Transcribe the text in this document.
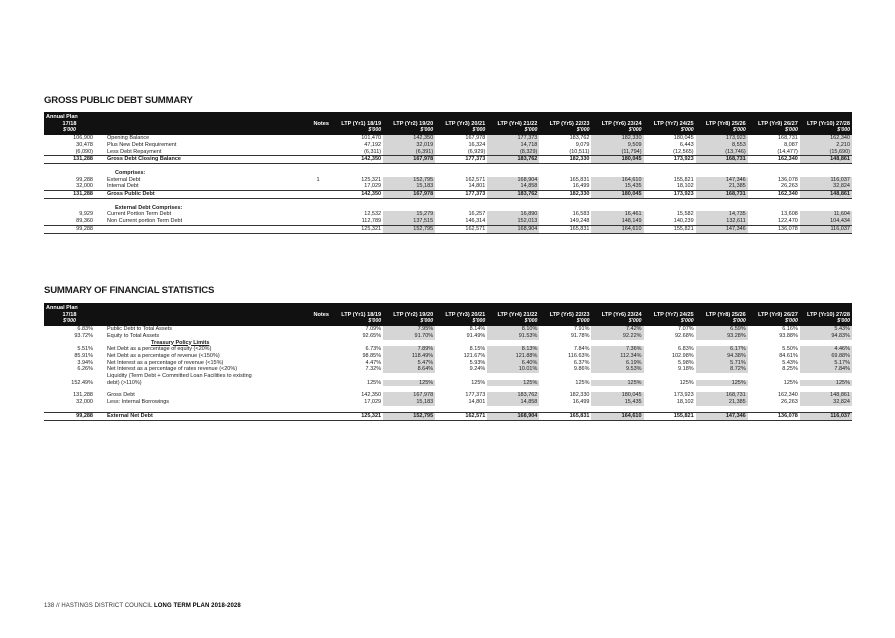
GROSS PUBLIC DEBT SUMMARY
Annual Plan												
17/18		Notes	LTP (Yr1) 18/19	LTP (Yr2) 19/20	LTP (Yr3) 20/21	LTP (Yr4) 21/22	LTP (Yr5) 22/23	LTP (Yr6) 23/24	LTP (Yr7) 24/25	LTP (Yr8) 25/26	LTP (Yr9) 26/27	LTP (Yr10) 27/28
$'000			$'000	$'000	$'000	$'000	$'000	$'000	$'000	$'000	$'000	$'000
106,900	Opening Balance		101,470	142,350	167,978	177,373	183,762	182,330	180,045	173,923	168,731	162,340
30,478	Plus New Debt Requirement		47,192	32,019	16,324	14,718	9,079	9,509	6,443	8,553	8,087	2,210
(6,090)	Less Debt Repayment		(6,311)	(6,391)	(6,929)	(8,329)	(10,511)	(11,794)	(12,565)	(13,746)	(14,477)	(15,690)
131,288	Gross Debt Closing Balance		142,350	167,978	177,373	183,762	182,330	180,045	173,923	168,731	162,340	148,861

	Comprises:											
99,288	External Debt	1	125,321	152,795	162,571	168,904	165,831	164,610	155,821	147,346	136,078	116,037
32,000	Internal Debt		17,029	15,183	14,801	14,858	16,499	15,435	18,102	21,385	26,263	32,824
131,288	Gross Public Debt		142,350	167,978	177,373	183,762	182,330	180,045	173,923	168,731	162,340	148,861

	External Debt Comprises:											
9,929	Current Portion Term Debt		12,532	15,279	16,257	16,890	16,583	16,461	15,582	14,735	13,608	11,604
89,360	Non Current portion Term Debt		112,789	137,515	146,314	152,013	149,248	148,149	140,239	132,611	122,470	104,434
99,288			125,321	152,795	162,571	168,904	165,831	164,610	155,821	147,346	136,078	116,037
SUMMARY OF FINANCIAL STATISTICS
Annual Plan												
17/18		Notes	LTP (Yr1) 18/19	LTP (Yr2) 19/20	LTP (Yr3) 20/21	LTP (Yr4) 21/22	LTP (Yr5) 22/23	LTP (Yr6) 23/24	LTP (Yr7) 24/25	LTP (Yr8) 25/26	LTP (Yr9) 26/27	LTP (Yr10) 27/28
$'000			$'000	$'000	$'000	$'000	$'000	$'000	$'000	$'000	$'000	$'000
6.83%	Public Debt to Total Assets		7.09%	7.95%	8.14%	8.10%	7.91%	7.42%	7.07%	6.59%	6.16%	5.43%
93.72%	Equity to Total Assets		92.65%	91.70%	91.49%	91.53%	91.78%	92.22%	92.68%	93.28%	93.88%	94.83%
	Treasury Policy Limits											
5.51%	Net Debt as a percentage of equity (<20%)		6.73%	7.89%	8.15%	8.13%	7.84%	7.36%	6.83%	6.17%	5.50%	4.46%
85.91%	Net Debt as a percentage of revenue (<150%)		98.85%	118.49%	121.67%	121.88%	116.63%	112.34%	102.98%	94.38%	84.61%	69.88%
3.94%	Net Interest as a percentage of revenue (<15%)		4.47%	5.47%	5.93%	6.40%	6.37%	6.19%	5.98%	5.71%	5.43%	5.17%
6.26%	Net Interest as a percentage of rates revenue (<20%)		7.32%	8.64%	9.24%	10.01%	9.86%	9.53%	9.18%	8.72%	8.25%	7.84%
	Liquidity (Term Debt + Committed Loan Facilities to existing											
152.49%	debt) (>110%)		125%	125%	125%	125%	125%	125%	125%	125%	125%	125%

131,288	Gross Debt		142,350	167,978	177,373	183,762	182,330	180,045	173,923	168,731	162,340	148,861
32,000	Less: Internal Borrowings		17,029	15,183	14,801	14,858	16,499	15,435	18,102	21,385	26,263	32,824

99,288	External Net Debt		125,321	152,795	162,571	168,904	165,831	164,610	155,821	147,346	136,078	116,037
138 // HASTINGS DISTRICT COUNCIL LONG TERM PLAN 2018-2028
